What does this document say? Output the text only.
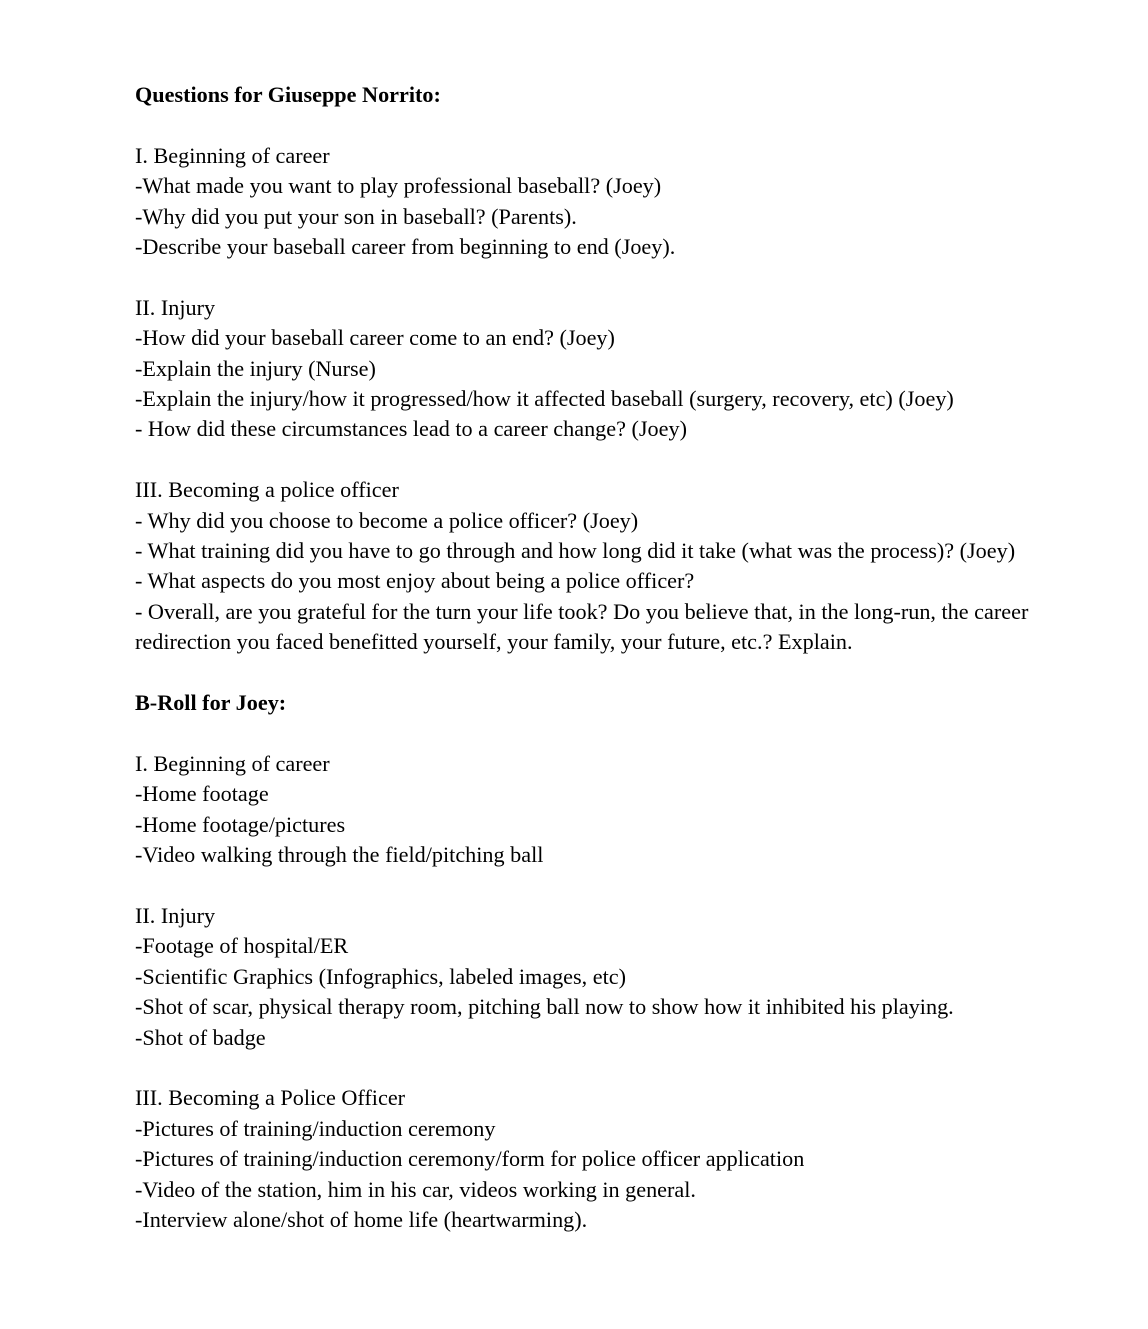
Questions for Giuseppe Norrito:
I. Beginning of career
-What made you want to play professional baseball? (Joey)
-Why did you put your son in baseball? (Parents).
-Describe your baseball career from beginning to end (Joey).
II. Injury
-How did your baseball career come to an end? (Joey)
-Explain the injury (Nurse)
-Explain the injury/how it progressed/how it affected baseball (surgery, recovery, etc) (Joey)
- How did these circumstances lead to a career change? (Joey)
III. Becoming a police officer
- Why did you choose to become a police officer? (Joey)
- What training did you have to go through and how long did it take (what was the process)? (Joey)
- What aspects do you most enjoy about being a police officer?
- Overall, are you grateful for the turn your life took? Do you believe that, in the long-run, the career redirection you faced benefitted yourself, your family, your future, etc.? Explain.
B-Roll for Joey:
I. Beginning of career
-Home footage
-Home footage/pictures
-Video walking through the field/pitching ball
II. Injury
-Footage of hospital/ER
-Scientific Graphics (Infographics, labeled images, etc)
-Shot of scar, physical therapy room, pitching ball now to show how it inhibited his playing.
-Shot of badge
III. Becoming a Police Officer
-Pictures of training/induction ceremony
-Pictures of training/induction ceremony/form for police officer application
-Video of the station, him in his car, videos working in general.
-Interview alone/shot of home life (heartwarming).
